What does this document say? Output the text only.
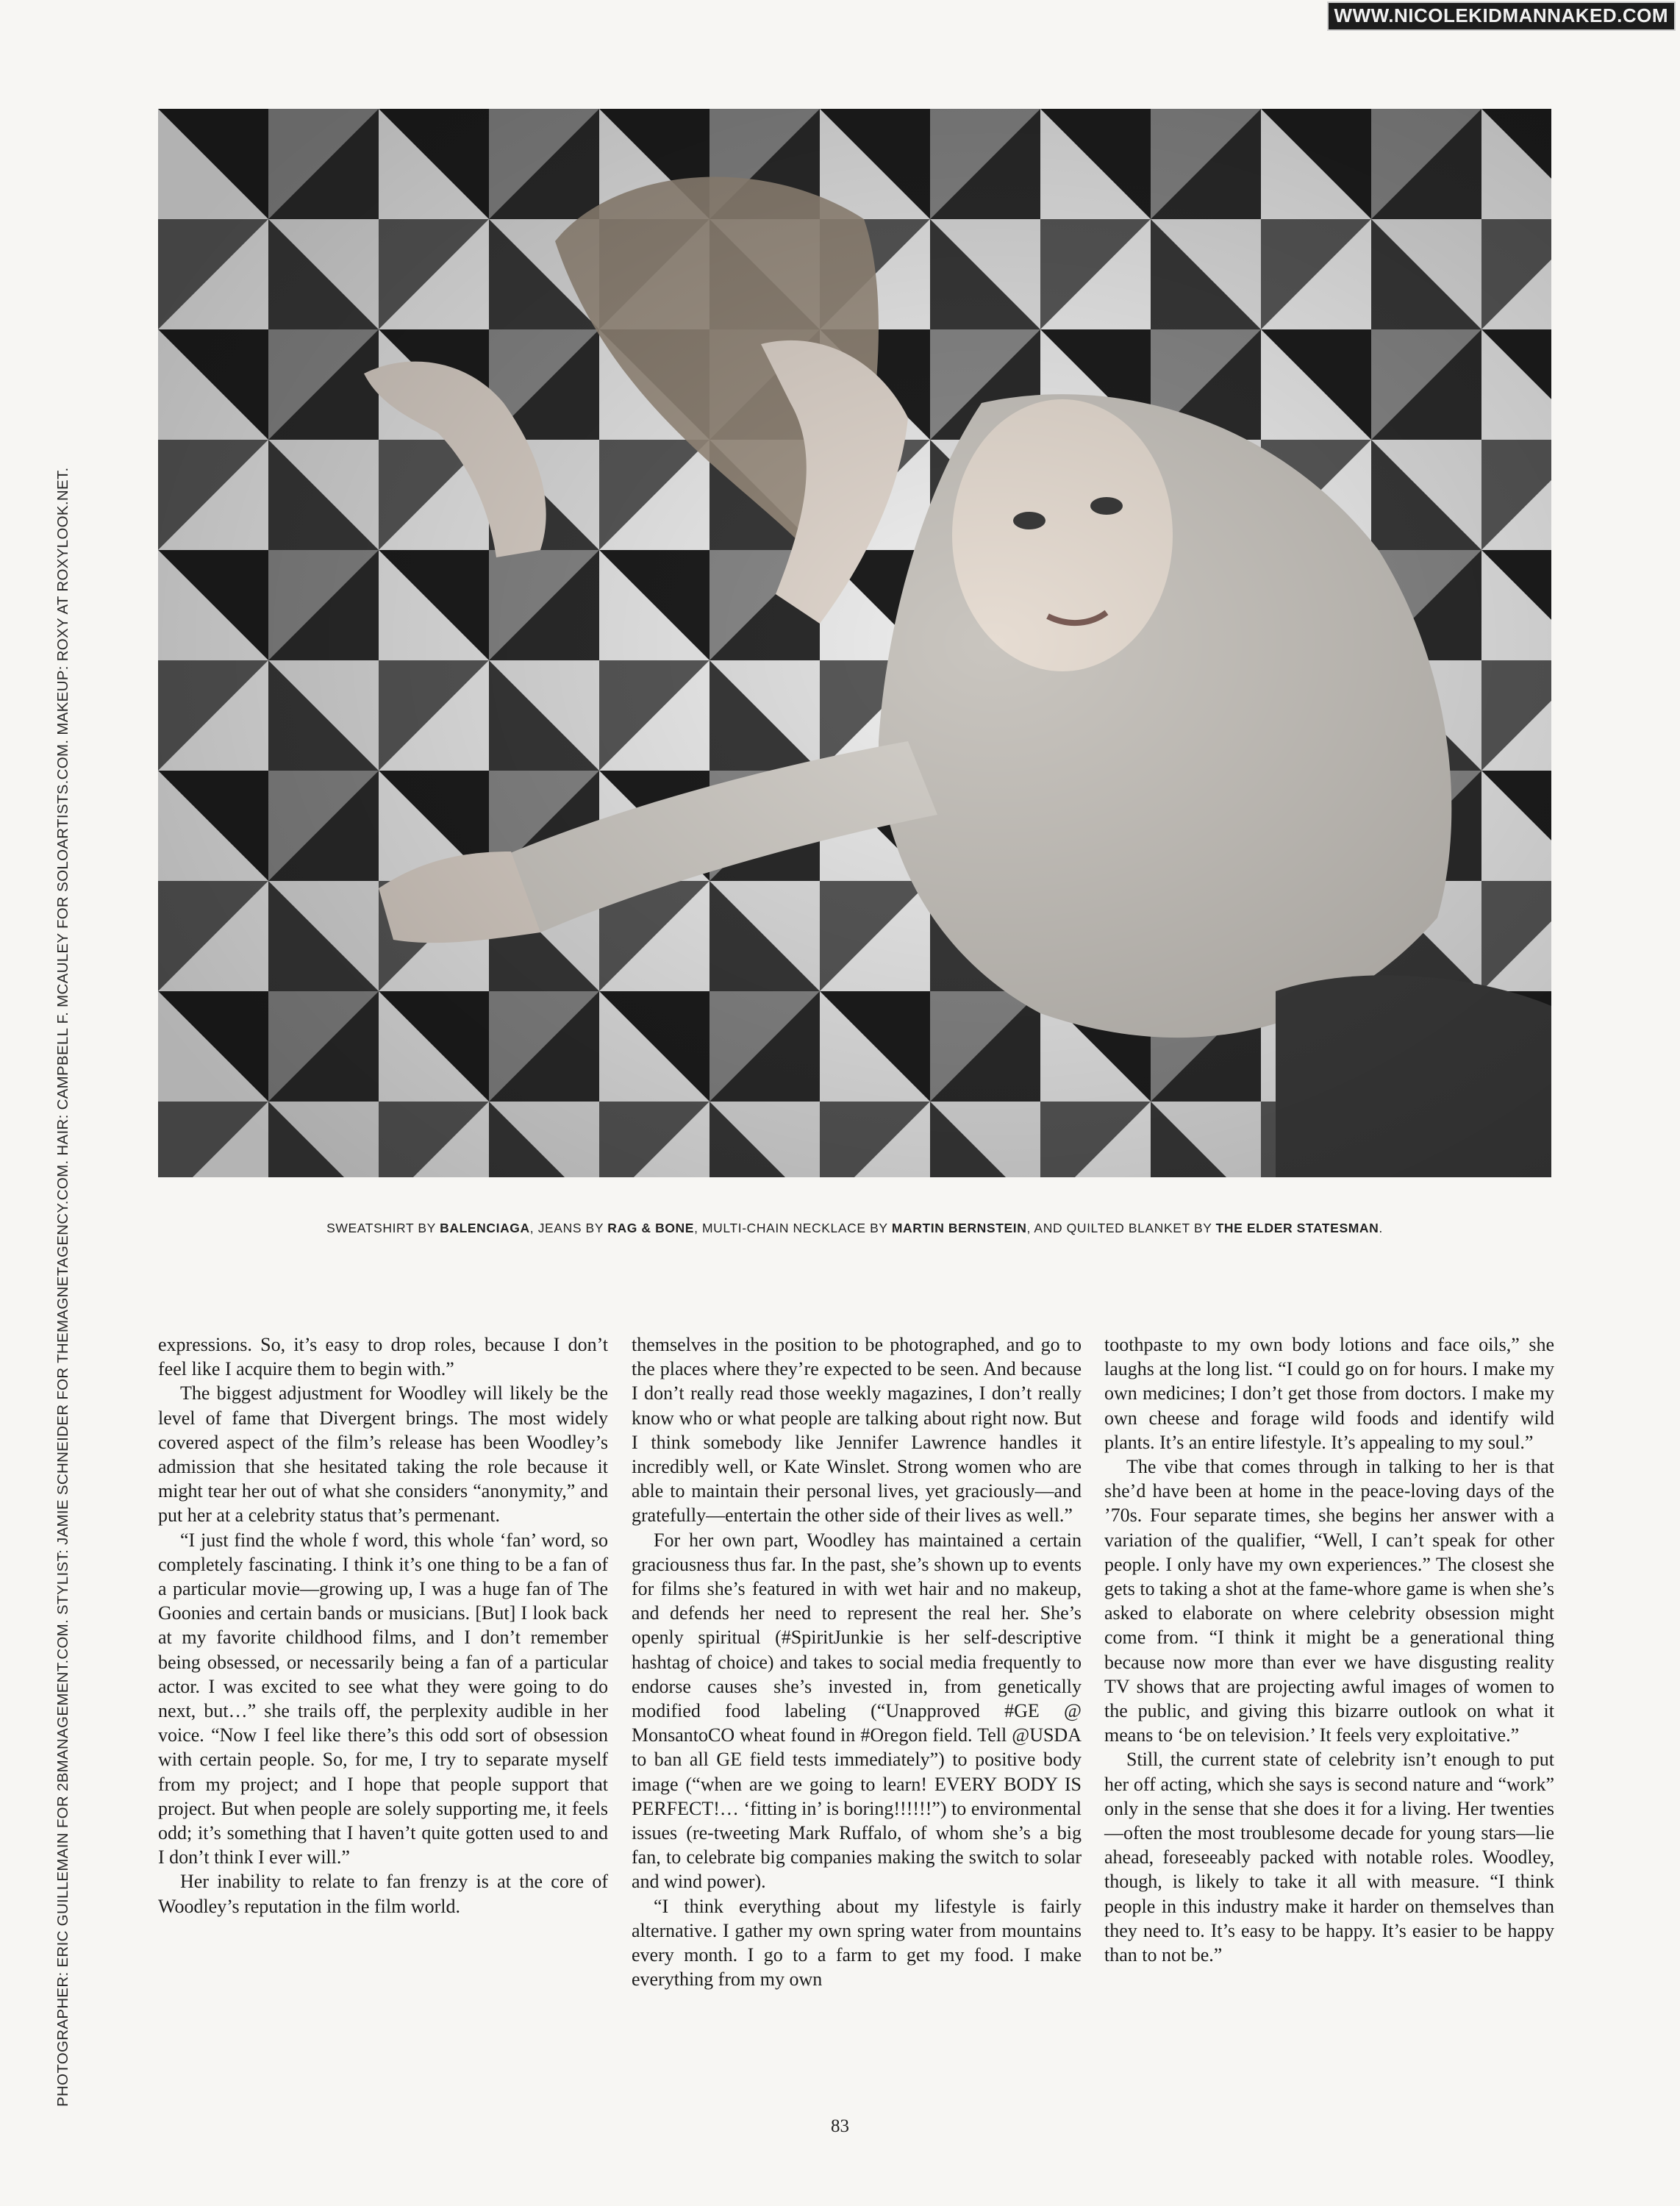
WWW.NICOLEKIDMANNAKED.COM
PHOTOGRAPHER: ERIC GUILLEMAIN FOR 2BMANAGEMENT.COM. STYLIST: JAMIE SCHNEIDER FOR THEMAGNETAGENCY.COM. HAIR: CAMPBELL F. MCAULEY FOR SOLOARTISTS.COM. MAKEUP: ROXY AT ROXYLOOK.NET.	SWEATSHIRT BY BALENCIAGA, JEANS BY RAG & BONE, MULTI-CHAIN NECKLACE BY MARTIN BERNSTEIN, AND QUILTED BLANKET BY THE ELDER STATESMAN.

expressions. So, it’s easy to drop roles, because I don’t feel like I acquire them to begin with.”

The biggest adjustment for Woodley will likely be the level of fame that Divergent brings. The most widely covered aspect of the film’s release has been Woodley’s admission that she hesitated taking the role because it might tear her out of what she considers “anonymity,” and put her at a celebrity status that’s permenant.

“I just find the whole f word, this whole ‘fan’ word, so completely fascinating. I think it’s one thing to be a fan of a particular movie—growing up, I was a huge fan of The Goonies and certain bands or musicians. [But] I look back at my favorite childhood films, and I don’t remember being obsessed, or necessarily being a fan of a particular actor. I was excited to see what they were going to do next, but…” she trails off, the perplexity audible in her voice. “Now I feel like there’s this odd sort of obsession with certain people. So, for me, I try to separate myself from my project; and I hope that people support that project. But when people are solely supporting me, it feels odd; it’s something that I haven’t quite gotten used to and I don’t think I ever will.”

Her inability to relate to fan frenzy is at the core of Woodley’s reputation in the film world.

themselves in the position to be photographed, and go to the places where they’re expected to be seen. And because I don’t really read those weekly magazines, I don’t really know who or what people are talking about right now. But I think somebody like Jennifer Lawrence handles it incredibly well, or Kate Winslet. Strong women who are able to maintain their personal lives, yet graciously—and gratefully—entertain the other side of their lives as well.”

For her own part, Woodley has maintained a certain graciousness thus far. In the past, she’s shown up to events for films she’s featured in with wet hair and no makeup, and defends her need to represent the real her. She’s openly spiritual (#SpiritJunkie is her self-descriptive hashtag of choice) and takes to social media frequently to endorse causes she’s invested in, from genetically modified food labeling (“Unapproved #GE @ MonsantoCO wheat found in #Oregon field. Tell @USDA to ban all GE field tests immediately”) to positive body image (“when are we going to learn! EVERY BODY IS PERFECT!… ‘fitting in’ is boring!!!!!!”) to environmental issues (re-tweeting Mark Ruffalo, of whom she’s a big fan, to celebrate big companies making the switch to solar and wind power).

“I think everything about my lifestyle is fairly alternative. I gather my own spring water from mountains every month. I go to a farm to get my food. I make everything from my own

toothpaste to my own body lotions and face oils,” she laughs at the long list. “I could go on for hours. I make my own medicines; I don’t get those from doctors. I make my own cheese and forage wild foods and identify wild plants. It’s an entire lifestyle. It’s appealing to my soul.”

The vibe that comes through in talking to her is that she’d have been at home in the peace-loving days of the ’70s. Four separate times, she begins her answer with a variation of the qualifier, “Well, I can’t speak for other people. I only have my own experiences.” The closest she gets to taking a shot at the fame-whore game is when she’s asked to elaborate on where celebrity obsession might come from. “I think it might be a generational thing because now more than ever we have disgusting reality TV shows that are projecting awful images of women to the public, and giving this bizarre outlook on what it means to ‘be on television.’ It feels very exploitative.”

Still, the current state of celebrity isn’t enough to put her off acting, which she says is second nature and “work” only in the sense that she does it for a living. Her twenties—often the most troublesome decade for young stars—lie ahead, foreseeably packed with notable roles. Woodley, though, is likely to take it all with measure. “I think people in this industry make it harder on themselves than they need to. It’s easy to be happy. It’s easier to be happy than to not be.”

83
